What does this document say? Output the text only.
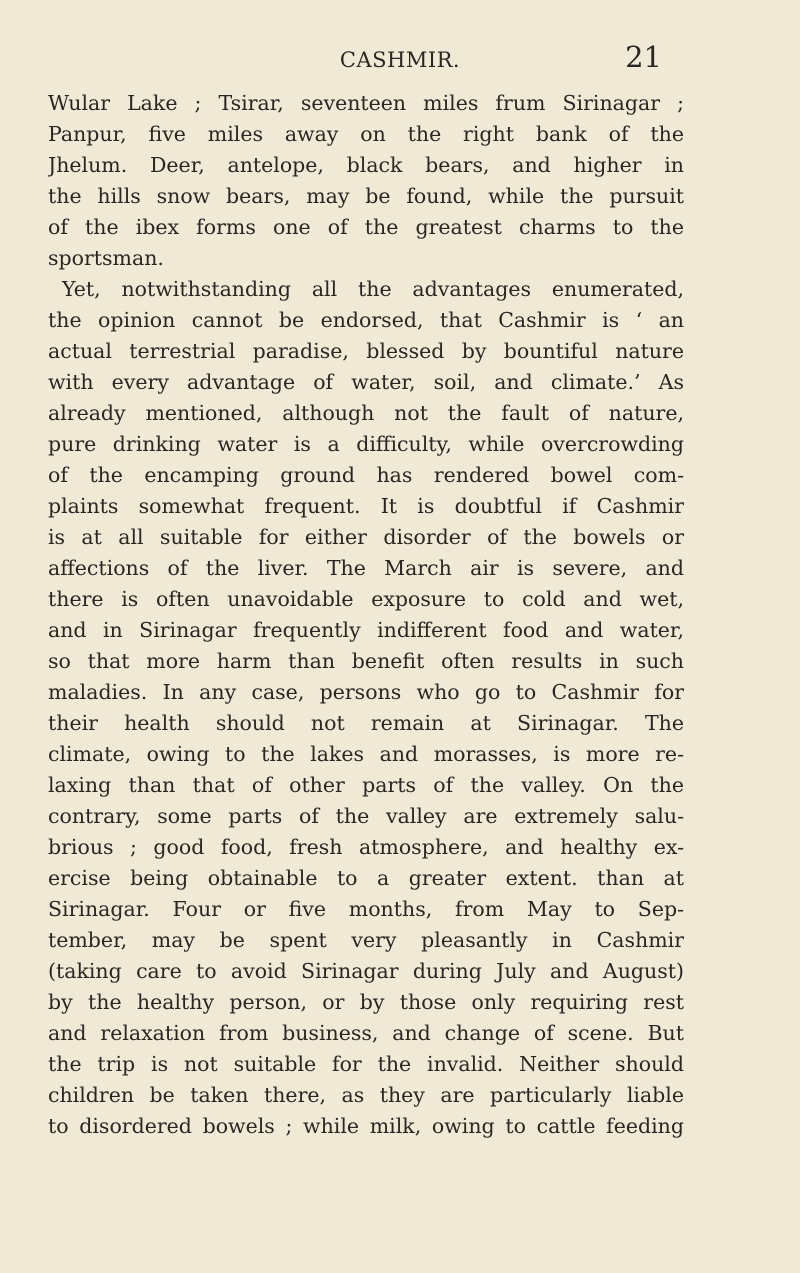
CASHMIR.	21
Wular Lake ; Tsirar, seventeen miles frum Sirinagar ;
Panpur, five miles away on the right bank of the
Jhelum. Deer, antelope, black bears, and higher in
the hills snow bears, may be found, while the pursuit
of the ibex forms one of the greatest charms to the
sportsman.
Yet, notwithstanding all the advantages enumerated,
the opinion cannot be endorsed, that Cashmir is ‘ an
actual terrestrial paradise, blessed by bountiful nature
with every advantage of water, soil, and climate.’ As
already mentioned, although not the fault of nature,
pure drinking water is a difficulty, while overcrowding
of the encamping ground has rendered bowel com-
plaints somewhat frequent. It is doubtful if Cashmir
is at all suitable for either disorder of the bowels or
affections of the liver. The March air is severe, and
there is often unavoidable exposure to cold and wet,
and in Sirinagar frequently indifferent food and water,
so that more harm than benefit often results in such
maladies. In any case, persons who go to Cashmir for
their health should not remain at Sirinagar. The
climate, owing to the lakes and morasses, is more re-
laxing than that of other parts of the valley. On the
contrary, some parts of the valley are extremely salu-
brious ; good food, fresh atmosphere, and healthy ex-
ercise being obtainable to a greater extent. than at
Sirinagar. Four or five months, from May to Sep-
tember, may be spent very pleasantly in Cashmir
(taking care to avoid Sirinagar during July and August)
by the healthy person, or by those only requiring rest
and relaxation from business, and change of scene. But
the trip is not suitable for the invalid. Neither should
children be taken there, as they are particularly liable
to disordered bowels ; while milk, owing to cattle feeding
